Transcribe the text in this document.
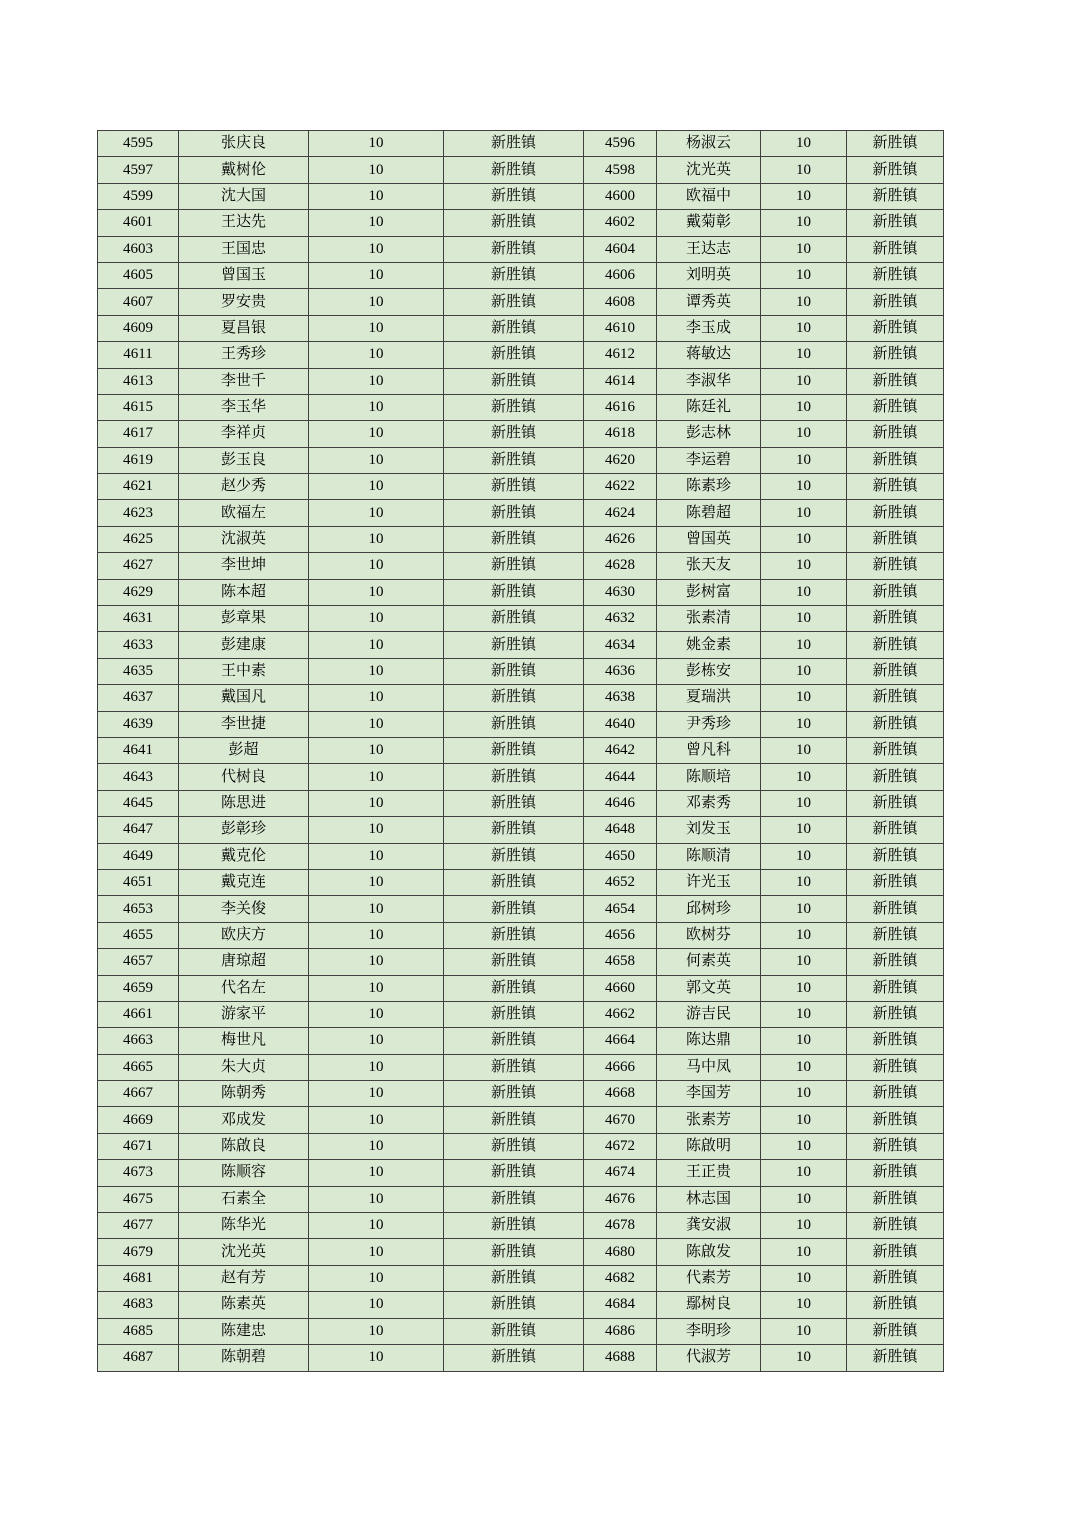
4595	张庆良	10	新胜镇	4596	杨淑云	10	新胜镇
4597	戴树伦	10	新胜镇	4598	沈光英	10	新胜镇
4599	沈大国	10	新胜镇	4600	欧福中	10	新胜镇
4601	王达先	10	新胜镇	4602	戴菊彰	10	新胜镇
4603	王国忠	10	新胜镇	4604	王达志	10	新胜镇
4605	曾国玉	10	新胜镇	4606	刘明英	10	新胜镇
4607	罗安贵	10	新胜镇	4608	谭秀英	10	新胜镇
4609	夏昌银	10	新胜镇	4610	李玉成	10	新胜镇
4611	王秀珍	10	新胜镇	4612	蒋敏达	10	新胜镇
4613	李世千	10	新胜镇	4614	李淑华	10	新胜镇
4615	李玉华	10	新胜镇	4616	陈廷礼	10	新胜镇
4617	李祥贞	10	新胜镇	4618	彭志林	10	新胜镇
4619	彭玉良	10	新胜镇	4620	李运碧	10	新胜镇
4621	赵少秀	10	新胜镇	4622	陈素珍	10	新胜镇
4623	欧福左	10	新胜镇	4624	陈碧超	10	新胜镇
4625	沈淑英	10	新胜镇	4626	曾国英	10	新胜镇
4627	李世坤	10	新胜镇	4628	张天友	10	新胜镇
4629	陈本超	10	新胜镇	4630	彭树富	10	新胜镇
4631	彭章果	10	新胜镇	4632	张素清	10	新胜镇
4633	彭建康	10	新胜镇	4634	姚金素	10	新胜镇
4635	王中素	10	新胜镇	4636	彭栋安	10	新胜镇
4637	戴国凡	10	新胜镇	4638	夏瑞洪	10	新胜镇
4639	李世捷	10	新胜镇	4640	尹秀珍	10	新胜镇
4641	彭超	10	新胜镇	4642	曾凡科	10	新胜镇
4643	代树良	10	新胜镇	4644	陈顺培	10	新胜镇
4645	陈思进	10	新胜镇	4646	邓素秀	10	新胜镇
4647	彭彰珍	10	新胜镇	4648	刘发玉	10	新胜镇
4649	戴克伦	10	新胜镇	4650	陈顺清	10	新胜镇
4651	戴克连	10	新胜镇	4652	许光玉	10	新胜镇
4653	李关俊	10	新胜镇	4654	邱树珍	10	新胜镇
4655	欧庆方	10	新胜镇	4656	欧树芬	10	新胜镇
4657	唐琼超	10	新胜镇	4658	何素英	10	新胜镇
4659	代名左	10	新胜镇	4660	郭文英	10	新胜镇
4661	游家平	10	新胜镇	4662	游吉民	10	新胜镇
4663	梅世凡	10	新胜镇	4664	陈达鼎	10	新胜镇
4665	朱大贞	10	新胜镇	4666	马中凤	10	新胜镇
4667	陈朝秀	10	新胜镇	4668	李国芳	10	新胜镇
4669	邓成发	10	新胜镇	4670	张素芳	10	新胜镇
4671	陈啟良	10	新胜镇	4672	陈啟明	10	新胜镇
4673	陈顺容	10	新胜镇	4674	王正贵	10	新胜镇
4675	石素全	10	新胜镇	4676	林志国	10	新胜镇
4677	陈华光	10	新胜镇	4678	龚安淑	10	新胜镇
4679	沈光英	10	新胜镇	4680	陈啟发	10	新胜镇
4681	赵有芳	10	新胜镇	4682	代素芳	10	新胜镇
4683	陈素英	10	新胜镇	4684	鄢树良	10	新胜镇
4685	陈建忠	10	新胜镇	4686	李明珍	10	新胜镇
4687	陈朝碧	10	新胜镇	4688	代淑芳	10	新胜镇
